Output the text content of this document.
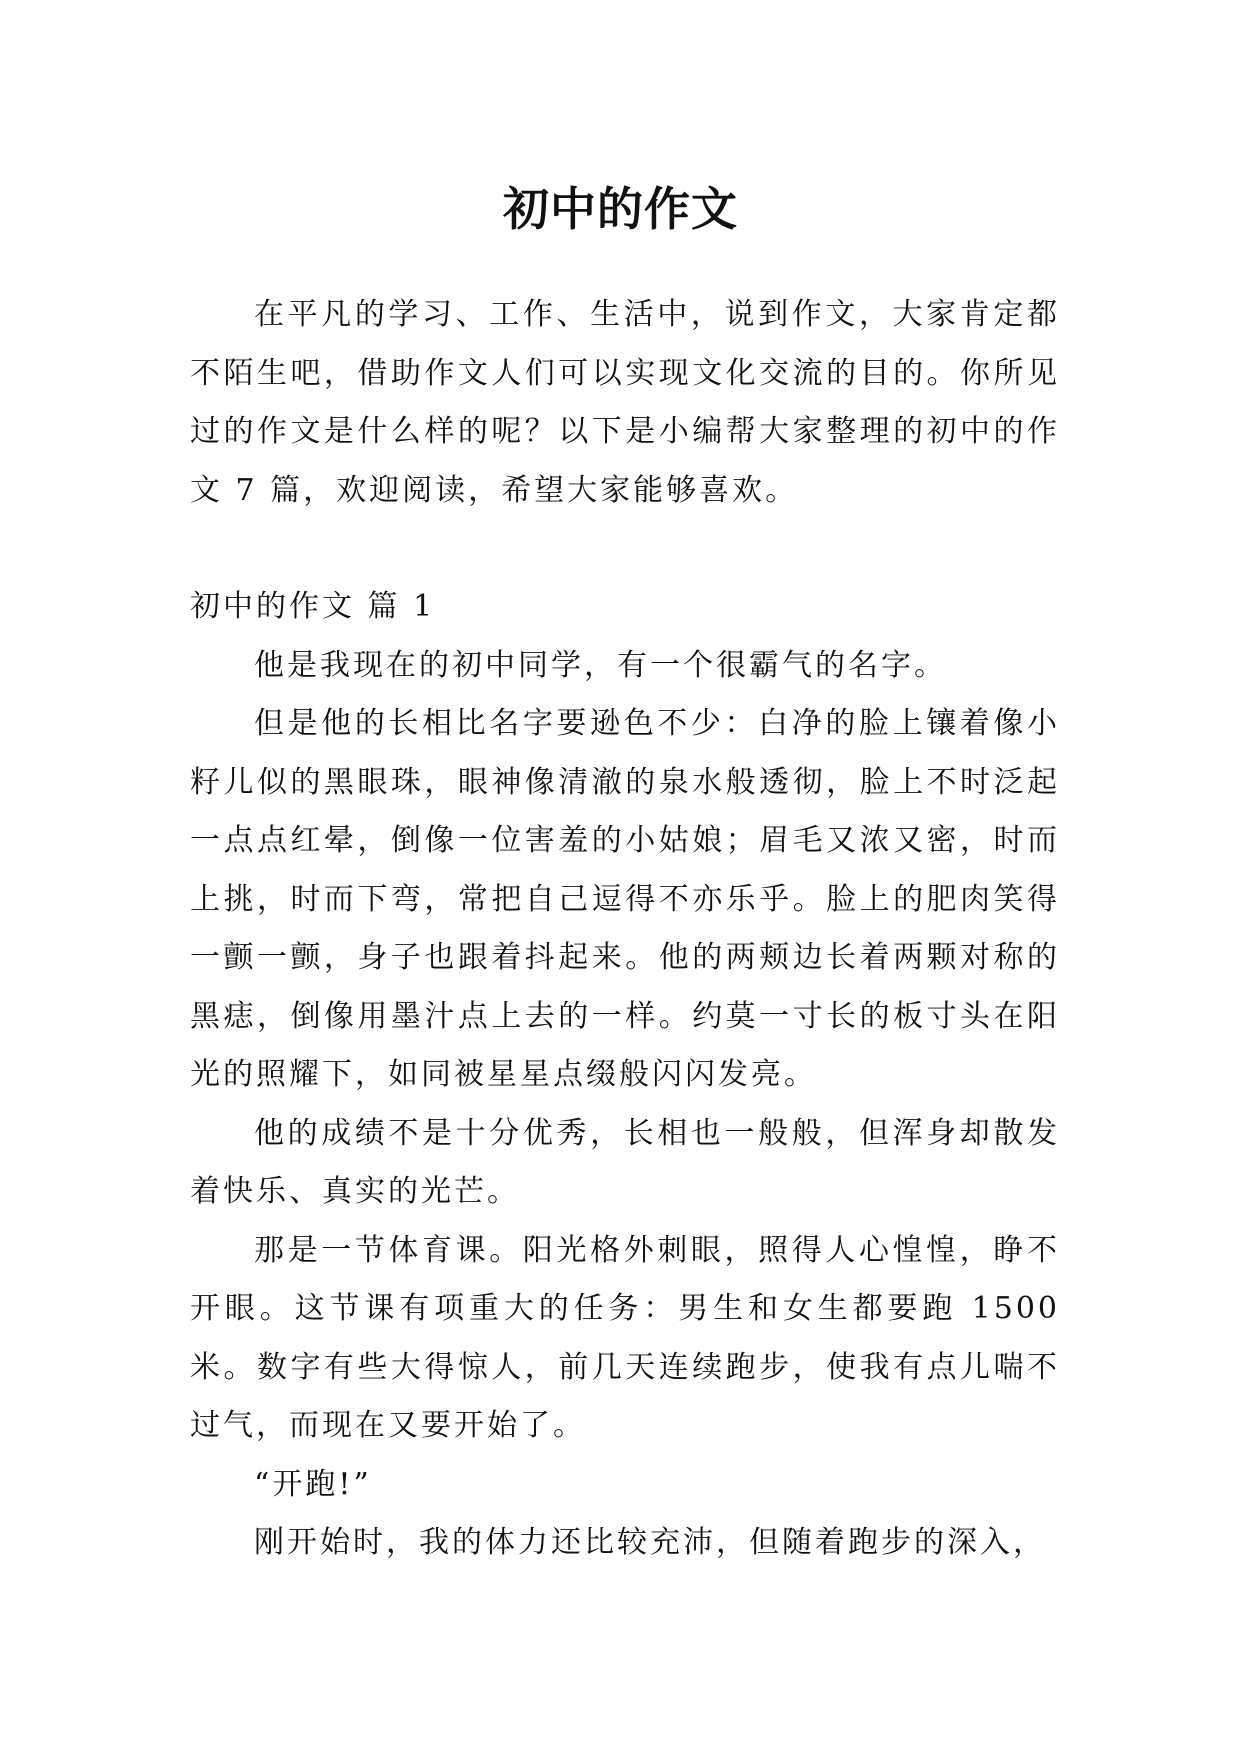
初中的作文

在平凡的学习、工作、生活中，说到作文，大家肯定都不陌生吧，借助作文人们可以实现文化交流的目的。你所见过的作文是什么样的呢？以下是小编帮大家整理的初中的作文 7 篇，欢迎阅读，希望大家能够喜欢。

初中的作文 篇 1

他是我现在的初中同学，有一个很霸气的名字。

但是他的长相比名字要逊色不少：白净的脸上镶着像小籽儿似的黑眼珠，眼神像清澈的泉水般透彻，脸上不时泛起一点点红晕，倒像一位害羞的小姑娘；眉毛又浓又密，时而上挑，时而下弯，常把自己逗得不亦乐乎。脸上的肥肉笑得一颤一颤，身子也跟着抖起来。他的两颊边长着两颗对称的黑痣，倒像用墨汁点上去的一样。约莫一寸长的板寸头在阳光的照耀下，如同被星星点缀般闪闪发亮。

他的成绩不是十分优秀，长相也一般般，但浑身却散发着快乐、真实的光芒。

那是一节体育课。阳光格外刺眼，照得人心惶惶，睁不开眼。这节课有项重大的任务：男生和女生都要跑 1500 米。数字有些大得惊人，前几天连续跑步，使我有点儿喘不过气，而现在又要开始了。

“开跑!”

刚开始时，我的体力还比较充沛，但随着跑步的深入，
